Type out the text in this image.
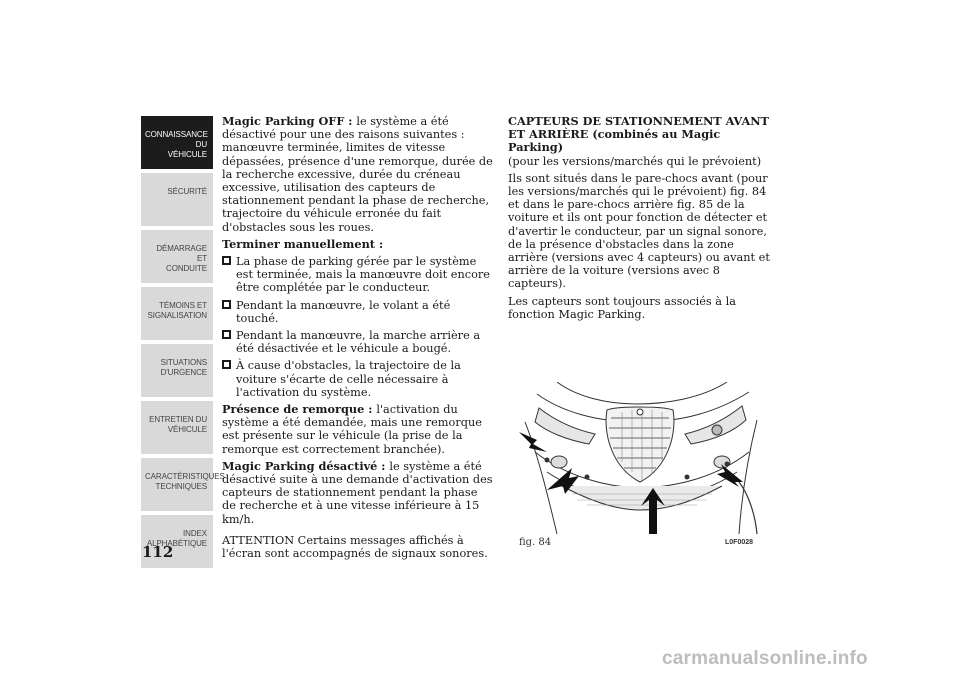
CONNAISSANCE DU
VÉHICULE
SÉCURITÉ
DÉMARRAGE ET
CONDUITE
TÉMOINS ET
SIGNALISATION
SITUATIONS
D'URGENCE
ENTRETIEN DU
VÉHICULE
CARACTÉRISTIQUES
TECHNIQUES
INDEX
ALPHABÉTIQUE
112

Magic Parking OFF : le système a été désactivé pour une des raisons suivantes : manœuvre terminée, limites de vitesse dépassées, présence d'une remorque, durée de la recherche excessive, durée du créneau excessive, utilisation des capteurs de stationnement pendant la phase de recherche, trajectoire du véhicule erronée du fait d'obstacles sous les roues.

Terminer manuellement :
La phase de parking gérée par le système est terminée, mais la manœuvre doit encore être complétée par le conducteur.
Pendant la manœuvre, le volant a été touché.
Pendant la manœuvre, la marche arrière a été désactivée et le véhicule a bougé.
À cause d'obstacles, la trajectoire de la voiture s'écarte de celle nécessaire à l'activation du système.

Présence de remorque : l'activation du système a été demandée, mais une remorque est présente sur le véhicule (la prise de la remorque est correctement branchée).

Magic Parking désactivé : le système a été désactivé suite à une demande d'activation des capteurs de stationnement pendant la phase de recherche et à une vitesse inférieure à 15 km/h.

ATTENTION Certains messages affichés à l'écran sont accompagnés de signaux sonores.

CAPTEURS DE STATIONNEMENT AVANT ET ARRIÈRE (combinés au Magic Parking)

(pour les versions/marchés qui le prévoient)

Ils sont situés dans le pare-chocs avant (pour les versions/marchés qui le prévoient) fig. 84 et dans le pare-chocs arrière fig. 85 de la voiture et ils ont pour fonction de détecter et d'avertir le conducteur, par un signal sonore, de la présence d'obstacles dans la zone arrière (versions avec 4 capteurs) ou avant et arrière de la voiture (versions avec 8 capteurs).

Les capteurs sont toujours associés à la fonction Magic Parking.

fig. 84	L0F0028
carmanualsonline.info
